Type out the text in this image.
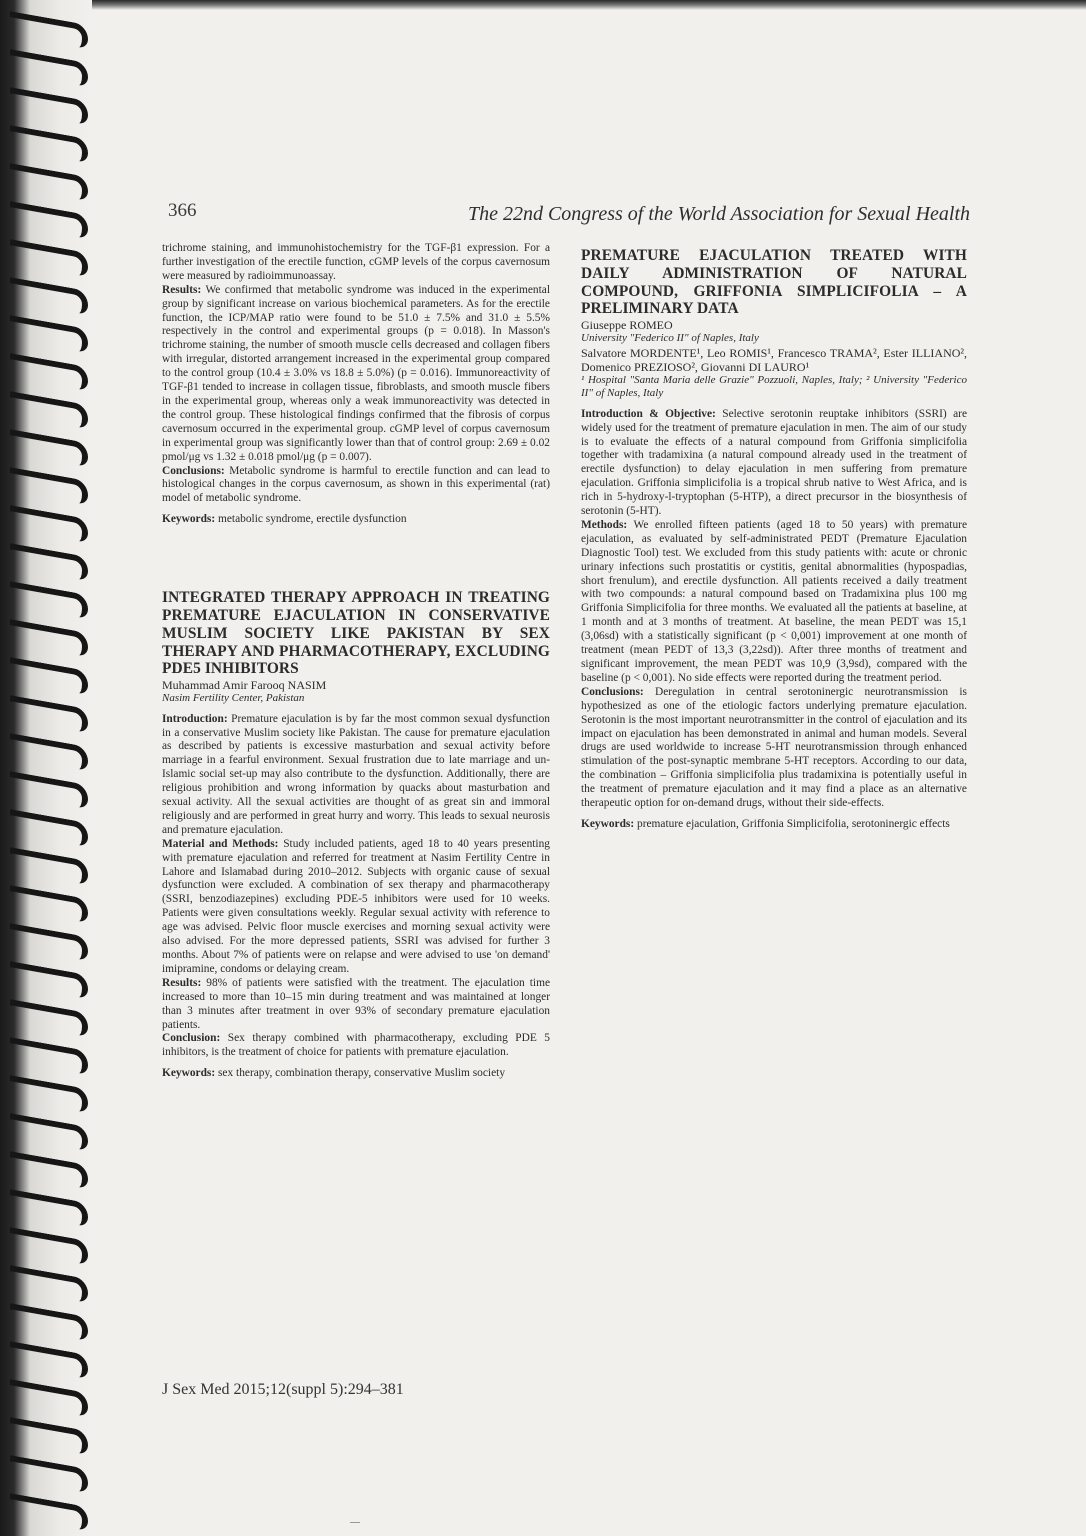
366	The 22nd Congress of the World Association for Sexual Health

trichrome staining, and immunohistochemistry for the TGF-β1 expression. For a further investigation of the erectile function, cGMP levels of the corpus cavernosum were measured by radioimmunoassay.

Results: We confirmed that metabolic syndrome was induced in the experimental group by significant increase on various biochemical parameters. As for the erectile function, the ICP/MAP ratio were found to be 51.0 ± 7.5% and 31.0 ± 5.5% respectively in the control and experimental groups (p = 0.018). In Masson's trichrome staining, the number of smooth muscle cells decreased and collagen fibers with irregular, distorted arrangement increased in the experimental group compared to the control group (10.4 ± 3.0% vs 18.8 ± 5.0%) (p = 0.016). Immunoreactivity of TGF-β1 tended to increase in collagen tissue, fibroblasts, and smooth muscle fibers in the experimental group, whereas only a weak immunoreactivity was detected in the control group. These histological findings confirmed that the fibrosis of corpus cavernosum occurred in the experimental group. cGMP level of corpus cavernosum in experimental group was significantly lower than that of control group: 2.69 ± 0.02 pmol/μg vs 1.32 ± 0.018 pmol/μg (p = 0.007).

Conclusions: Metabolic syndrome is harmful to erectile function and can lead to histological changes in the corpus cavernosum, as shown in this experimental (rat) model of metabolic syndrome.

Keywords: metabolic syndrome, erectile dysfunction

INTEGRATED THERAPY APPROACH IN TREATING PREMATURE EJACULATION IN CONSERVATIVE MUSLIM SOCIETY LIKE PAKISTAN BY SEX THERAPY AND PHARMACOTHERAPY, EXCLUDING PDE5 INHIBITORS
Muhammad Amir Farooq NASIM
Nasim Fertility Center, Pakistan

Introduction: Premature ejaculation is by far the most common sexual dysfunction in a conservative Muslim society like Pakistan. The cause for premature ejaculation as described by patients is excessive masturbation and sexual activity before marriage in a fearful environment. Sexual frustration due to late marriage and un-Islamic social set-up may also contribute to the dysfunction. Additionally, there are religious prohibition and wrong information by quacks about masturbation and sexual activity. All the sexual activities are thought of as great sin and immoral religiously and are performed in great hurry and worry. This leads to sexual neurosis and premature ejaculation.

Material and Methods: Study included patients, aged 18 to 40 years presenting with premature ejaculation and referred for treatment at Nasim Fertility Centre in Lahore and Islamabad during 2010–2012. Subjects with organic cause of sexual dysfunction were excluded. A combination of sex therapy and pharmacotherapy (SSRI, benzodiazepines) excluding PDE-5 inhibitors were used for 10 weeks. Patients were given consultations weekly. Regular sexual activity with reference to age was advised. Pelvic floor muscle exercises and morning sexual activity were also advised. For the more depressed patients, SSRI was advised for further 3 months. About 7% of patients were on relapse and were advised to use 'on demand' imipramine, condoms or delaying cream.

Results: 98% of patients were satisfied with the treatment. The ejaculation time increased to more than 10–15 min during treatment and was maintained at longer than 3 minutes after treatment in over 93% of secondary premature ejaculation patients.

Conclusion: Sex therapy combined with pharmacotherapy, excluding PDE 5 inhibitors, is the treatment of choice for patients with premature ejaculation.

Keywords: sex therapy, combination therapy, conservative Muslim society

PREMATURE EJACULATION TREATED WITH DAILY ADMINISTRATION OF NATURAL COMPOUND, GRIFFONIA SIMPLICIFOLIA – A PRELIMINARY DATA
Giuseppe ROMEO
University "Federico II" of Naples, Italy
Salvatore MORDENTE¹, Leo ROMIS¹, Francesco TRAMA², Ester ILLIANO², Domenico PREZIOSO², Giovanni DI LAURO¹
¹ Hospital "Santa Maria delle Grazie" Pozzuoli, Naples, Italy; ² University "Federico II" of Naples, Italy

Introduction & Objective: Selective serotonin reuptake inhibitors (SSRI) are widely used for the treatment of premature ejaculation in men. The aim of our study is to evaluate the effects of a natural compound from Griffonia simplicifolia together with tradamixina (a natural compound already used in the treatment of erectile dysfunction) to delay ejaculation in men suffering from premature ejaculation. Griffonia simplicifolia is a tropical shrub native to West Africa, and is rich in 5-hydroxy-l-tryptophan (5-HTP), a direct precursor in the biosynthesis of serotonin (5-HT).

Methods: We enrolled fifteen patients (aged 18 to 50 years) with premature ejaculation, as evaluated by self-administrated PEDT (Premature Ejaculation Diagnostic Tool) test. We excluded from this study patients with: acute or chronic urinary infections such prostatitis or cystitis, genital abnormalities (hypospadias, short frenulum), and erectile dysfunction. All patients received a daily treatment with two compounds: a natural compound based on Tradamixina plus 100 mg Griffonia Simplicifolia for three months. We evaluated all the patients at baseline, at 1 month and at 3 months of treatment. At baseline, the mean PEDT was 15,1 (3,06sd) with a statistically significant (p < 0,001) improvement at one month of treatment (mean PEDT of 13,3 (3,22sd)). After three months of treatment and significant improvement, the mean PEDT was 10,9 (3,9sd), compared with the baseline (p < 0,001). No side effects were reported during the treatment period.

Conclusions: Deregulation in central serotoninergic neurotransmission is hypothesized as one of the etiologic factors underlying premature ejaculation. Serotonin is the most important neurotransmitter in the control of ejaculation and its impact on ejaculation has been demonstrated in animal and human models. Several drugs are used worldwide to increase 5-HT neurotransmission through enhanced stimulation of the post-synaptic membrane 5-HT receptors. According to our data, the combination – Griffonia simplicifolia plus tradamixina is potentially useful in the treatment of premature ejaculation and it may find a place as an alternative therapeutic option for on-demand drugs, without their side-effects.

Keywords: premature ejaculation, Griffonia Simplicifolia, serotoninergic effects

J Sex Med 2015;12(suppl 5):294–381
